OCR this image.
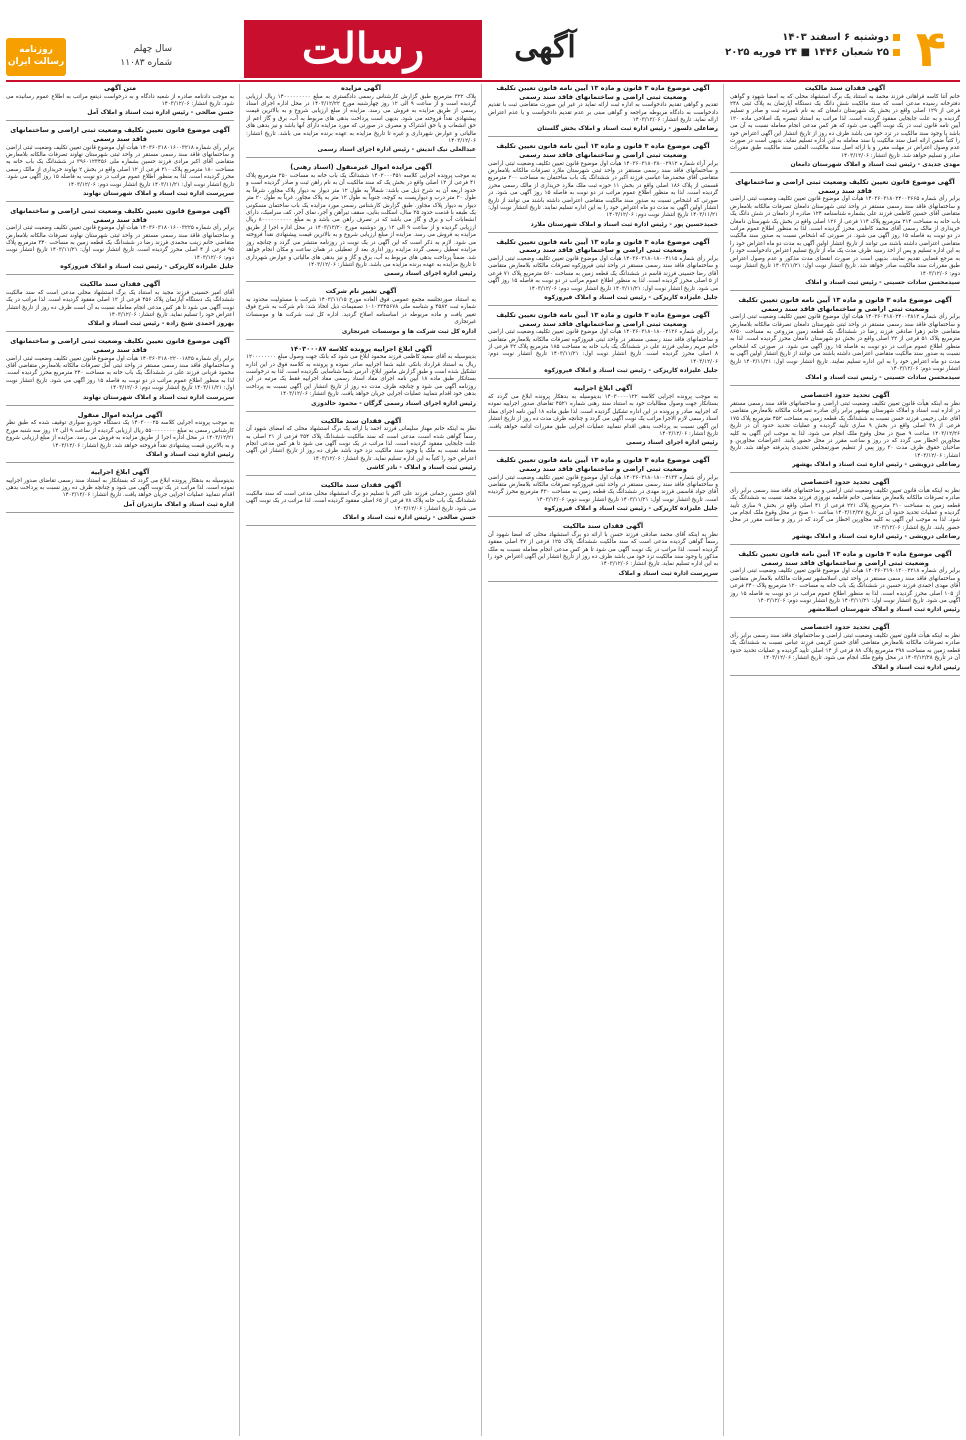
۴
دوشنبه ۶ اسفند ۱۴۰۳
۲۵ شعبان ۱۴۴۶ ■ ۲۴ فوریه ۲۰۲۵
آگهی
رسالت
سال چهلم
شماره ۱۱۰۸۳
روزنامه رسالت ایران
آگهی فقدان سند مالکیت
خانم آتنا کاسه فراهانی فرزند محمد به استناد یک برگ استشهاد محلی که به امضا شهود و گواهی دفترخانه رسیده مدعی است که سند مالکیت شش دانگ یک دستگاه آپارتمان به پلاک ثبتی ۲۴۸ فرعی از ۱۲۹ اصلی واقع در بخش یک شهرستان دامغان که به نام نامبرده ثبت و صادر و تسلیم گردیده و به علت جابجایی مفقود گردیده است. لذا مراتب به استناد تبصره یک اصلاحی ماده ۱۲۰ آیین نامه قانون ثبت در یک نوبت آگهی می شود که هر کس مدعی انجام معامله نسبت به آن می باشد یا وجود سند مالکیت در نزد خود می باشد ظرف ده روز از تاریخ انتشار این آگهی اعتراض خود را کتباً ضمن ارائه اصل سند مالکیت یا سند معامله به این اداره تسلیم نماید. بدیهی است در صورت عدم وصول اعتراض در مهلت مقرر و یا ارائه اصل سند مالکیت، المثنی سند مالکیت طبق مقررات صادر و تسلیم خواهد شد. تاریخ انتشار: ۱۴۰۳/۱۲/۰۶
مهدی جدیدی - رئیس ثبت اسناد و املاک شهرستان دامغان
آگهی موضوع قانون تعیین تکلیف وضعیت ثبتی اراضی و ساختمانهای فاقد سند رسمی
برابر رأی شماره ۱۴۰۳۶۰۳۱۸۰۲۴۰۰۳۶۶۵ هیأت اول موضوع قانون تعیین تکلیف وضعیت ثبتی اراضی و ساختمانهای فاقد سند رسمی مستقر در واحد ثبتی شهرستان دامغان تصرفات مالکانه بلامعارض متقاضی آقای حسین کاظمی فرزند علی بشماره شناسنامه ۱۲۴ صادره از دامغان در شش دانگ یک باب خانه به مساحت ۲۱۴ مترمربع پلاک ۱۱۴ فرعی از ۱۲۶ اصلی واقع در بخش یک شهرستان دامغان خریداری از مالک رسمی آقای محمد کاظمی محرز گردیده است. لذا به منظور اطلاع عموم مراتب در دو نوبت به فاصله ۱۵ روز آگهی می شود. در صورتی که اشخاص نسبت به صدور سند مالکیت متقاضی اعتراضی داشته باشند می توانند از تاریخ انتشار اولین آگهی به مدت دو ماه اعتراض خود را به این اداره تسلیم و پس از اخذ رسید ظرف مدت یک ماه از تاریخ تسلیم اعتراض دادخواست خود را به مرجع قضایی تقدیم نمایند. بدیهی است در صورت انقضای مدت مذکور و عدم وصول اعتراض طبق مقررات سند مالکیت صادر خواهد شد. تاریخ انتشار نوبت اول: ۱۴۰۳/۱۱/۲۱ تاریخ انتشار نوبت دوم: ۱۴۰۳/۱۲/۰۶
سیدمحسن سادات حسینی - رئیس ثبت اسناد و املاک
آگهی موضوع ماده ۳ قانون و ماده ۱۳ آیین نامه قانون تعیین تکلیف وضعیت ثبتی اراضی و ساختمانهای فاقد سند رسمی
برابر رأی شماره ۱۴۰۳۶۰۳۱۸۰۲۴۰۰۳۸۱۲ هیأت اول موضوع قانون تعیین تکلیف وضعیت ثبتی اراضی و ساختمانهای فاقد سند رسمی مستقر در واحد ثبتی شهرستان دامغان تصرفات مالکانه بلامعارض متقاضی خانم زهرا صادقی فرزند رضا در ششدانگ یک قطعه زمین مزروعی به مساحت ۸۶۵۰ مترمربع پلاک ۵۱ فرعی از ۲۲ اصلی واقع در بخش دو شهرستان دامغان محرز گردیده است. لذا به منظور اطلاع عموم مراتب در دو نوبت به فاصله ۱۵ روز آگهی می شود. در صورتی که اشخاص نسبت به صدور سند مالکیت متقاضی اعتراضی داشته باشند می توانند از تاریخ انتشار اولین آگهی به مدت دو ماه اعتراض خود را به این اداره تسلیم نمایند. تاریخ انتشار نوبت اول: ۱۴۰۳/۱۱/۲۱ تاریخ انتشار نوبت دوم: ۱۴۰۳/۱۲/۰۶
سیدمحسن سادات حسینی - رئیس ثبت اسناد و املاک
آگهی تحدید حدود اختصاصی
نظر به اینکه هیأت قانون تعیین تکلیف وضعیت ثبتی اراضی و ساختمانهای فاقد سند رسمی مستقر در اداره ثبت اسناد و املاک شهرستان بهشهر برابر رأی صادره تصرفات مالکانه بلامعارض متقاضی آقای علی رحیمی فرزند حسن نسبت به ششدانگ یک قطعه زمین به مساحت ۴۵۲ مترمربع پلاک ۱۷۵ فرعی از ۳۸ اصلی واقع در بخش ۹ ساری تأیید گردیده و عملیات تحدید حدود آن در تاریخ ۱۴۰۳/۱۲/۲۶ ساعت ۹ صبح در محل وقوع ملک انجام می شود. لذا به موجب این آگهی به کلیه مجاورین اخطار می گردد که در روز و ساعت مقرر در محل حضور یابند. اعتراضات مجاورین و صاحبان حقوق ظرف مدت ۳۰ روز پس از تنظیم صورتمجلس تحدیدی پذیرفته خواهد شد. تاریخ انتشار: ۱۴۰۳/۱۲/۰۶
رضاعلی درویشی - رئیس اداره ثبت اسناد و املاک بهشهر
آگهی تحدید حدود اختصاصی
نظر به اینکه هیأت قانون تعیین تکلیف وضعیت ثبتی اراضی و ساختمانهای فاقد سند رسمی برابر رأی صادره تصرفات مالکانه بلامعارض متقاضی خانم فاطمه نوروزی فرزند محمد نسبت به ششدانگ یک قطعه زمین به مساحت ۳۱۰ مترمربع پلاک ۲۲۱ فرعی از ۴۱ اصلی واقع در بخش ۹ ساری تأیید گردیده و عملیات تحدید حدود آن در تاریخ ۱۴۰۳/۱۲/۲۷ ساعت ۱۰ صبح در محل وقوع ملک انجام می شود. لذا به موجب این آگهی به کلیه مجاورین اخطار می گردد که در روز و ساعت مقرر در محل حضور یابند. تاریخ انتشار: ۱۴۰۳/۱۲/۰۶
رضاعلی درویشی - رئیس اداره ثبت اسناد و املاک بهشهر
آگهی موضوع ماده ۳ قانون و ماده ۱۳ آیین نامه قانون تعیین تکلیف وضعیت ثبتی اراضی و ساختمانهای فاقد سند رسمی
برابر رأی شماره ۱۴۰۳۶۰۳۱۹۰۱۳۰۰۲۲۱۸ هیأت اول موضوع قانون تعیین تکلیف وضعیت ثبتی اراضی و ساختمانهای فاقد سند رسمی مستقر در واحد ثبتی اسلامشهر تصرفات مالکانه بلامعارض متقاضی آقای مهدی احمدی فرزند حسین در ششدانگ یک باب خانه به مساحت ۱۲۰ مترمربع پلاک ۳۴۰ فرعی از ۱۰۵ اصلی محرز گردیده است. لذا به منظور اطلاع عموم مراتب در دو نوبت به فاصله ۱۵ روز آگهی می شود. تاریخ انتشار نوبت اول: ۱۴۰۳/۱۱/۲۱ تاریخ انتشار نوبت دوم: ۱۴۰۳/۱۲/۰۶
رئیس اداره ثبت اسناد و املاک شهرستان اسلامشهر
آگهی تحدید حدود اختصاصی
نظر به اینکه هیأت قانون تعیین تکلیف وضعیت ثبتی اراضی و ساختمانهای فاقد سند رسمی برابر رأی صادره تصرفات مالکانه بلامعارض متقاضی آقای حسن کریمی فرزند عباس نسبت به ششدانگ یک قطعه زمین به مساحت ۲۹۸ مترمربع پلاک ۸۸ فرعی از ۱۴ اصلی تأیید گردیده و عملیات تحدید حدود آن در تاریخ ۱۴۰۳/۱۲/۲۸ در محل وقوع ملک انجام می شود. تاریخ انتشار: ۱۴۰۳/۱۲/۰۶
رئیس اداره ثبت اسناد و املاک
آگهی موضوع ماده ۳ قانون و ماده ۱۳ آیین نامه قانون تعیین تکلیف وضعیت ثبتی اراضی و ساختمانهای فاقد سند رسمی
تقدیم و گواهی تقدیم دادخواست به اداره ثبت ارائه نماید در غیر این صورت متقاضی ثبت با تقدیم دادخواست به دادگاه مربوطه مراجعه و گواهی مبنی بر عدم تقدیم دادخواست و یا عدم اعتراض ارائه نماید. تاریخ انتشار: ۱۴۰۳/۱۲/۰۶
رضاعلی دلسوز - رئیس اداره ثبت اسناد و املاک بخش گلستان
آگهی موضوع ماده ۳ قانون و ماده ۱۳ آیین نامه قانون تعیین تکلیف وضعیت ثبتی اراضی و ساختمانهای فاقد سند رسمی
برابر آراء شماره ۱۴۰۳۶۰۳۱۸۰۳۸۰۰۲۹۱۲ هیأت اول موضوع قانون تعیین تکلیف وضعیت ثبتی اراضی و ساختمانهای فاقد سند رسمی مستقر در واحد ثبتی شهرستان ملارد تصرفات مالکانه بلامعارض متقاضی آقای محمدرضا عباسی فرزند اکبر در ششدانگ یک باب ساختمان به مساحت ۲۰۰ مترمربع قسمتی از پلاک ۱۸۶ اصلی واقع در بخش ۱۱ حوزه ثبت ملک ملارد خریداری از مالک رسمی محرز گردیده است. لذا به منظور اطلاع عموم مراتب در دو نوبت به فاصله ۱۵ روز آگهی می شود. در صورتی که اشخاص نسبت به صدور سند مالکیت متقاضی اعتراضی داشته باشند می توانند از تاریخ انتشار اولین آگهی به مدت دو ماه اعتراض خود را به این اداره تسلیم نمایند. تاریخ انتشار نوبت اول: ۱۴۰۳/۱۱/۲۱ تاریخ انتشار نوبت دوم: ۱۴۰۳/۱۲/۰۶
حمیدحسین پور - رئیس اداره ثبت اسناد و املاک شهرستان ملارد
آگهی موضوع ماده ۳ قانون و ماده ۱۳ آیین نامه قانون تعیین تکلیف وضعیت ثبتی اراضی و ساختمانهای فاقد سند رسمی
برابر رأی شماره ۱۴۰۳۶۰۳۱۸۰۱۸۰۰۴۱۱۵ هیأت اول موضوع قانون تعیین تکلیف وضعیت ثبتی اراضی و ساختمانهای فاقد سند رسمی مستقر در واحد ثبتی فیروزکوه تصرفات مالکانه بلامعارض متقاضی آقای رضا حسینی فرزند قاسم در ششدانگ یک قطعه زمین به مساحت ۵۶۰ مترمربع پلاک ۷۱ فرعی از ۵ اصلی محرز گردیده است. لذا به منظور اطلاع عموم مراتب در دو نوبت به فاصله ۱۵ روز آگهی می شود. تاریخ انتشار نوبت اول: ۱۴۰۳/۱۱/۲۱ تاریخ انتشار نوبت دوم: ۱۴۰۳/۱۲/۰۶
جلیل علیزاده کاریزکی - رئیس ثبت اسناد و املاک فیروزکوه
آگهی موضوع ماده ۳ قانون و ماده ۱۳ آیین نامه قانون تعیین تکلیف وضعیت ثبتی اراضی و ساختمانهای فاقد سند رسمی
برابر رأی شماره ۱۴۰۳۶۰۳۱۸۰۱۸۰۰۴۱۲۶ هیأت اول موضوع قانون تعیین تکلیف وضعیت ثبتی اراضی و ساختمانهای فاقد سند رسمی مستقر در واحد ثبتی فیروزکوه تصرفات مالکانه بلامعارض متقاضی خانم مریم رضایی فرزند علی در ششدانگ یک باب خانه به مساحت ۱۸۵ مترمربع پلاک ۳۲ فرعی از ۸ اصلی محرز گردیده است. تاریخ انتشار نوبت اول: ۱۴۰۳/۱۱/۲۱ تاریخ انتشار نوبت دوم: ۱۴۰۳/۱۲/۰۶
جلیل علیزاده کاریزکی - رئیس ثبت اسناد و املاک فیروزکوه
آگهی ابلاغ اجراییه
به موجب پرونده اجرایی کلاسه ۱۴۰۳۰۰۰۰۱۲۲ بدینوسیله به بدهکار پرونده ابلاغ می گردد که بستانکار جهت وصول مطالبات خود به استناد سند رهنی شماره ۴۵۲۱ تقاضای صدور اجراییه نموده که اجراییه صادر و پرونده در این اداره تشکیل گردیده است. لذا طبق ماده ۱۸ آیین نامه اجرای مفاد اسناد رسمی لازم الاجرا مراتب یک نوبت آگهی می گردد و چنانچه ظرف مدت ده روز از تاریخ انتشار این آگهی نسبت به پرداخت بدهی اقدام ننمایید عملیات اجرایی طبق مقررات ادامه خواهد یافت. تاریخ انتشار: ۱۴۰۳/۱۲/۰۶
رئیس اداره اجرای اسناد رسمی
آگهی موضوع ماده ۳ قانون و ماده ۱۳ آیین نامه قانون تعیین تکلیف وضعیت ثبتی اراضی و ساختمانهای فاقد سند رسمی
برابر رأی شماره ۱۴۰۳۶۰۳۱۸۰۱۸۰۰۴۱۳۳ هیأت اول موضوع قانون تعیین تکلیف وضعیت ثبتی اراضی و ساختمانهای فاقد سند رسمی مستقر در واحد ثبتی فیروزکوه تصرفات مالکانه بلامعارض متقاضی آقای جواد قاسمی فرزند مهدی در ششدانگ یک قطعه زمین به مساحت ۴۲۰ مترمربع محرز گردیده است. تاریخ انتشار نوبت اول: ۱۴۰۳/۱۱/۲۱ تاریخ انتشار نوبت دوم: ۱۴۰۳/۱۲/۰۶
جلیل علیزاده کاریزکی - رئیس ثبت اسناد و املاک فیروزکوه
آگهی فقدان سند مالکیت
نظر به اینکه آقای محمد صادقی فرزند حسن با ارائه دو برگ استشهاد محلی که امضا شهود آن رسماً گواهی گردیده مدعی است که سند مالکیت ششدانگ پلاک ۱۲۵ فرعی از ۴۷ اصلی مفقود گردیده است. لذا مراتب در یک نوبت آگهی می شود تا هر کس مدعی انجام معامله نسبت به ملک مذکور یا وجود سند مالکیت نزد خود می باشد ظرف ده روز از تاریخ انتشار این آگهی اعتراض خود را به این اداره تسلیم نماید. تاریخ انتشار: ۱۴۰۳/۱۲/۰۶
سرپرست اداره ثبت اسناد و املاک
آگهی مزایده
پلاک ۳۲۲ مترمربع طبق گزارش کارشناس رسمی دادگستری به مبلغ ۱۴۰۰۰۰۰۰۰۰۰ ریال ارزیابی گردیده است و از ساعت ۹ الی ۱۲ روز چهارشنبه مورخ ۱۴۰۳/۱۲/۲۲ در محل اداره اجرای اسناد رسمی از طریق مزایده به فروش می رسد. مزایده از مبلغ ارزیابی شروع و به بالاترین قیمت پیشنهادی نقداً فروخته می شود. بدیهی است پرداخت بدهی های مربوط به آب، برق و گاز اعم از حق انشعاب و یا حق اشتراک و مصرف در صورتی که مورد مزایده دارای آنها باشد و نیز بدهی های مالیاتی و عوارض شهرداری و غیره تا تاریخ مزایده به عهده برنده مزایده می باشد. تاریخ انتشار: ۱۴۰۳/۱۲/۰۶
عبدالعلی نیک اندیش - رئیس اداره اجرای اسناد رسمی
آگهی مزایده اموال غیرمنقول (اسناد رهنی)
به موجب پرونده اجرایی کلاسه ۱۴۰۲۰۰۰۴۵۱ ششدانگ یک باب خانه به مساحت ۲۵۰ مترمربع پلاک ۴۱ فرعی از ۱۲ اصلی واقع در بخش یک که سند مالکیت آن به نام راهن ثبت و صادر گردیده است و حدود اربعه آن به شرح ذیل می باشد: شمالاً به طول ۱۲ متر دیوار به دیوار پلاک مجاور، شرقاً به طول ۲۰ متر درب و دیواریست به کوچه، جنوباً به طول ۱۲ متر به پلاک مجاور، غرباً به طول ۲۰ متر دیوار به دیوار پلاک مجاور. طبق گزارش کارشناس رسمی مورد مزایده یک باب ساختمان مسکونی یک طبقه با قدمت حدود ۲۵ سال، اسکلت بنایی، سقف تیرآهن و آجر، نمای آجر، کف سرامیک، دارای انشعابات آب و برق و گاز می باشد که در تصرف راهن می باشد و به مبلغ ۸۰۰۰۰۰۰۰۰۰۰ ریال ارزیابی گردیده و از ساعت ۹ الی ۱۲ روز دوشنبه مورخ ۱۴۰۳/۱۲/۲۰ در محل اداره اجرا از طریق مزایده به فروش می رسد. مزایده از مبلغ ارزیابی شروع و به بالاترین قیمت پیشنهادی نقداً فروخته می شود. لازم به ذکر است که این آگهی در یک نوبت در روزنامه منتشر می گردد و چنانچه روز مزایده تعطیل رسمی گردد مزایده روز اداری بعد از تعطیلی در همان ساعت و مکان انجام خواهد شد. ضمناً پرداخت بدهی های مربوط به آب، برق و گاز و نیز بدهی های مالیاتی و عوارض شهرداری تا تاریخ مزایده به عهده برنده مزایده می باشد. تاریخ انتشار: ۱۴۰۳/۱۲/۰۶
رئیس اداره اجرای اسناد رسمی
آگهی تغییر نام شرکت
به استناد صورتجلسه مجمع عمومی فوق العاده مورخ ۱۴۰۳/۱۱/۱۵ شرکت با مسئولیت محدود به شماره ثبت ۴۵۸۲ و شناسه ملی ۱۰۱۰۲۳۴۵۶۷۸ تصمیمات ذیل اتخاذ شد: نام شرکت به شرح فوق تغییر یافت و ماده مربوطه در اساسنامه اصلاح گردید. اداره کل ثبت شرکت ها و موسسات غیرتجاری
اداره کل ثبت شرکت ها و موسسات غیرتجاری
آگهی ابلاغ اجراییه پرونده کلاسه ۱۴۰۳۰۰۰۸۷
بدینوسیله به آقای سعید کاظمی فرزند محمود ابلاغ می شود که بانک جهت وصول مبلغ ۱۲۰۰۰۰۰۰۰۰ ریال به استناد قرارداد بانکی علیه شما اجراییه صادر نموده و پرونده به کلاسه فوق در این اداره تشکیل شده است و طبق گزارش مامور ابلاغ، آدرس شما شناسایی نگردیده است. لذا به درخواست بستانکار طبق ماده ۱۸ آیین نامه اجرای مفاد اسناد رسمی مفاد اجراییه فقط یک مرتبه در این روزنامه آگهی می شود و چنانچه ظرف مدت ده روز از تاریخ انتشار این آگهی نسبت به پرداخت بدهی خود اقدام ننمایید عملیات اجرایی جریان خواهد یافت. تاریخ انتشار: ۱۴۰۳/۱۲/۰۶
رئیس اداره اجرای اسناد رسمی گرگان - محمود خالدوزی
آگهی فقدان سند مالکیت
نظر به اینکه خانم مهناز سلیمانی فرزند احمد با ارائه یک برگ استشهاد محلی که امضای شهود آن رسماً گواهی شده است، مدعی است که سند مالکیت ششدانگ پلاک ۳۵۴ فرعی از ۲۱ اصلی به علت جابجایی مفقود گردیده است. لذا مراتب در یک نوبت آگهی می شود تا هر کس مدعی انجام معامله نسبت به ملک یا وجود سند مالکیت نزد خود باشد ظرف ده روز از تاریخ انتشار این آگهی اعتراض خود را کتباً به این اداره تسلیم نماید. تاریخ انتشار: ۱۴۰۳/۱۲/۰۶
رئیس ثبت اسناد و املاک - نادر کاشی
آگهی فقدان سند مالکیت
آقای حسین رحمانی فرزند علی اکبر با تسلیم دو برگ استشهاد محلی مدعی است که سند مالکیت ششدانگ یک باب خانه پلاک ۷۸ فرعی از ۶۵ اصلی مفقود گردیده است. لذا مراتب در یک نوبت آگهی می شود. تاریخ انتشار: ۱۴۰۳/۱۲/۰۶
حسن صالحی - رئیس اداره ثبت اسناد و املاک
متن آگهی
به موجب دادنامه صادره از شعبه دادگاه و به درخواست ذینفع مراتب به اطلاع عموم رسانیده می شود. تاریخ انتشار: ۱۴۰۳/۱۲/۰۶
حسن صالحی - رئیس اداره ثبت اسناد و املاک آمل
آگهی موضوع قانون تعیین تکلیف وضعیت ثبتی اراضی و ساختمانهای فاقد سند رسمی
برابر رأی شماره ۱۴۰۳۶۰۳۱۸۰۱۶۰۰۳۲۱۸ هیأت اول موضوع قانون تعیین تکلیف وضعیت ثبتی اراضی و ساختمانهای فاقد سند رسمی مستقر در واحد ثبتی شهرستان نهاوند تصرفات مالکانه بلامعارض متقاضی آقای اکبر مرادی فرزند حسین بشماره ملی ۳۹۶۰۱۲۳۴۵۶ در ششدانگ یک باب خانه به مساحت ۱۸۰ مترمربع پلاک ۲۱۰ فرعی از ۱۲ اصلی واقع در بخش ۲ نهاوند خریداری از مالک رسمی محرز گردیده است. لذا به منظور اطلاع عموم مراتب در دو نوبت به فاصله ۱۵ روز آگهی می شود. تاریخ انتشار نوبت اول: ۱۴۰۳/۱۱/۲۱ تاریخ انتشار نوبت دوم: ۱۴۰۳/۱۲/۰۶
سرپرست اداره ثبت اسناد و املاک شهرستان نهاوند
آگهی موضوع قانون تعیین تکلیف وضعیت ثبتی اراضی و ساختمانهای فاقد سند رسمی
برابر رأی شماره ۱۴۰۳۶۰۳۱۸۰۱۶۰۰۳۲۲۵ هیأت اول موضوع قانون تعیین تکلیف وضعیت ثبتی اراضی و ساختمانهای فاقد سند رسمی مستقر در واحد ثبتی شهرستان نهاوند تصرفات مالکانه بلامعارض متقاضی خانم زینب محمدی فرزند رضا در ششدانگ یک قطعه زمین به مساحت ۳۴۰ مترمربع پلاک ۹۵ فرعی از ۴ اصلی محرز گردیده است. تاریخ انتشار نوبت اول: ۱۴۰۳/۱۱/۲۱ تاریخ انتشار نوبت دوم: ۱۴۰۳/۱۲/۰۶
جلیل علیزاده کاریزکی - رئیس ثبت اسناد و املاک فیروزکوه
آگهی فقدان سند مالکیت
آقای امیر حسینی فرزند مجید به استناد یک برگ استشهاد محلی مدعی است که سند مالکیت ششدانگ یک دستگاه آپارتمان پلاک ۴۵۶ فرعی از ۱۲ اصلی مفقود گردیده است. لذا مراتب در یک نوبت آگهی می شود تا هر کس مدعی انجام معامله نسبت به آن است ظرف ده روز از تاریخ انتشار اعتراض خود را تسلیم نماید. تاریخ انتشار: ۱۴۰۳/۱۲/۰۶
بهروز احمدی شیخ زاده - رئیس ثبت اسناد و املاک
آگهی موضوع قانون تعیین تکلیف وضعیت ثبتی اراضی و ساختمانهای فاقد سند رسمی
برابر رأی شماره ۱۴۰۳۶۰۳۱۸۰۲۲۰۰۱۸۴۵ هیأت اول موضوع قانون تعیین تکلیف وضعیت ثبتی اراضی و ساختمانهای فاقد سند رسمی مستقر در واحد ثبتی آمل تصرفات مالکانه بلامعارض متقاضی آقای محمود قربانی فرزند علی در ششدانگ یک باب خانه به مساحت ۲۴۰ مترمربع محرز گردیده است. لذا به منظور اطلاع عموم مراتب در دو نوبت به فاصله ۱۵ روز آگهی می شود. تاریخ انتشار نوبت اول: ۱۴۰۳/۱۱/۲۱ تاریخ انتشار نوبت دوم: ۱۴۰۳/۱۲/۰۶
سرپرست اداره ثبت اسناد و املاک شهرستان نهاوند
آگهی مزایده اموال منقول
به موجب پرونده اجرایی کلاسه ۱۴۰۳۰۰۰۲۵ یک دستگاه خودرو سواری توقیف شده که طبق نظر کارشناس رسمی به مبلغ ۵۵۰۰۰۰۰۰۰۰ ریال ارزیابی گردیده از ساعت ۹ الی ۱۲ روز سه شنبه مورخ ۱۴۰۳/۱۲/۲۱ در محل اداره اجرا از طریق مزایده به فروش می رسد. مزایده از مبلغ ارزیابی شروع و به بالاترین قیمت پیشنهادی نقداً فروخته خواهد شد. تاریخ انتشار: ۱۴۰۳/۱۲/۰۶
رئیس اداره ثبت اسناد و املاک
آگهی ابلاغ اجراییه
بدینوسیله به بدهکار پرونده ابلاغ می گردد که بستانکار به استناد سند رسمی تقاضای صدور اجراییه نموده است. لذا مراتب در یک نوبت آگهی می شود و چنانچه ظرف ده روز نسبت به پرداخت بدهی اقدام ننمایید عملیات اجرایی جریان خواهد یافت. تاریخ انتشار: ۱۴۰۳/۱۲/۰۶
اداره ثبت اسناد و املاک مازندران آمل
